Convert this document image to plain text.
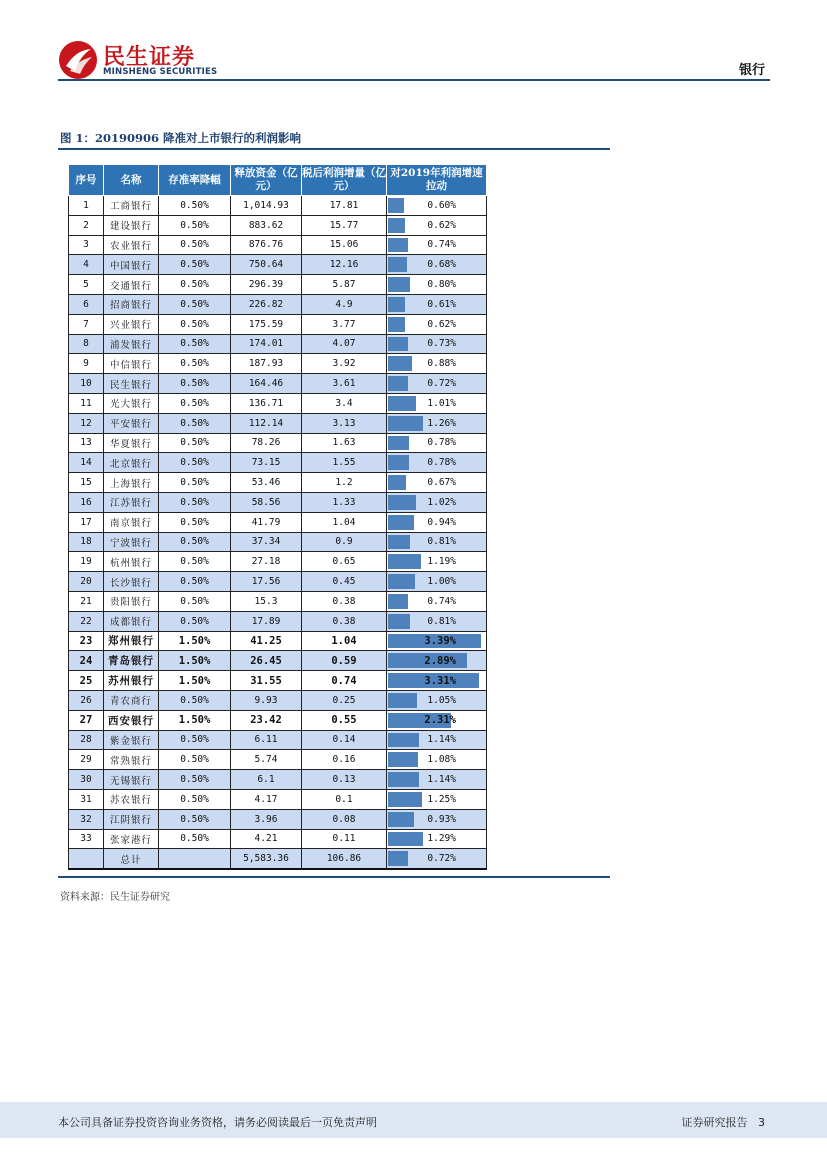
民生证券
MINSHENG SECURITIES	银行
图 1：20190906 降准对上市银行的利润影响
序号	名称	存准率降幅	释放资金（亿元）	税后利润增量（亿元）	对2019年利润增速拉动
1	工商银行	0.50%	1,014.93	17.81	0.60%

2	建设银行	0.50%	883.62	15.77	0.62%

3	农业银行	0.50%	876.76	15.06	0.74%

4	中国银行	0.50%	750.64	12.16	0.68%

5	交通银行	0.50%	296.39	5.87	0.80%

6	招商银行	0.50%	226.82	4.9	0.61%

7	兴业银行	0.50%	175.59	3.77	0.62%

8	浦发银行	0.50%	174.01	4.07	0.73%

9	中信银行	0.50%	187.93	3.92	0.88%

10	民生银行	0.50%	164.46	3.61	0.72%

11	光大银行	0.50%	136.71	3.4	1.01%

12	平安银行	0.50%	112.14	3.13	1.26%

13	华夏银行	0.50%	78.26	1.63	0.78%

14	北京银行	0.50%	73.15	1.55	0.78%

15	上海银行	0.50%	53.46	1.2	0.67%

16	江苏银行	0.50%	58.56	1.33	1.02%

17	南京银行	0.50%	41.79	1.04	0.94%

18	宁波银行	0.50%	37.34	0.9	0.81%

19	杭州银行	0.50%	27.18	0.65	1.19%

20	长沙银行	0.50%	17.56	0.45	1.00%

21	贵阳银行	0.50%	15.3	0.38	0.74%

22	成都银行	0.50%	17.89	0.38	0.81%

23	郑州银行	1.50%	41.25	1.04	3.39%

24	青岛银行	1.50%	26.45	0.59	2.89%

25	苏州银行	1.50%	31.55	0.74	3.31%

26	青农商行	0.50%	9.93	0.25	1.05%

27	西安银行	1.50%	23.42	0.55	2.31%

28	紫金银行	0.50%	6.11	0.14	1.14%

29	常熟银行	0.50%	5.74	0.16	1.08%

30	无锡银行	0.50%	6.1	0.13	1.14%

31	苏农银行	0.50%	4.17	0.1	1.25%

32	江阴银行	0.50%	3.96	0.08	0.93%

33	张家港行	0.50%	4.21	0.11	1.29%

	总计		5,583.36	106.86	0.72%
资料来源：民生证券研究
本公司具备证券投资咨询业务资格，请务必阅读最后一页免责声明	证券研究报告 3
